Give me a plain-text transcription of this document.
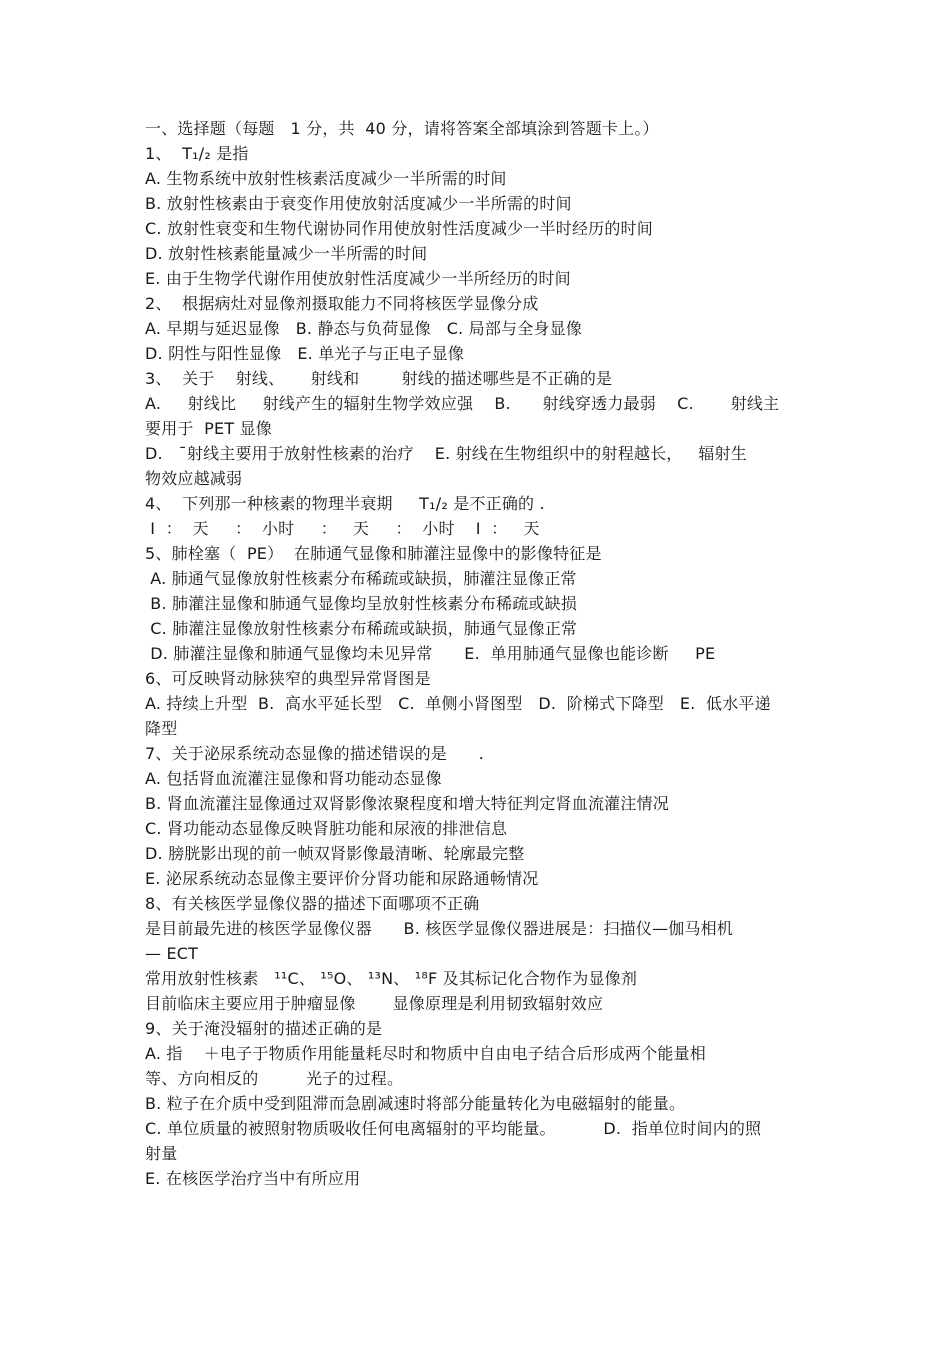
一、选择题（每题   1 分，共  40 分，请将答案全部填涂到答题卡上。）
1、  T₁/₂ 是指
A. 生物系统中放射性核素活度减少一半所需的时间
B. 放射性核素由于衰变作用使放射活度减少一半所需的时间
C. 放射性衰变和生物代谢协同作用使放射性活度减少一半时经历的时间
D. 放射性核素能量减少一半所需的时间
E. 由于生物学代谢作用使放射性活度减少一半所经历的时间
2、  根据病灶对显像剂摄取能力不同将核医学显像分成
A. 早期与延迟显像   B. 静态与负荷显像   C. 局部与全身显像
D. 阴性与阳性显像   E. 单光子与正电子显像
3、  关于    射线、     射线和        射线的描述哪些是不正确的是
A.     射线比     射线产生的辐射生物学效应强    B.      射线穿透力最弱    C.       射线主
要用于  PET 显像
D.   ¯射线主要用于放射性核素的治疗    E. 射线在生物组织中的射程越长，   辐射生
物效应越减弱
4、  下列那一种核素的物理半衰期     T₁/₂ 是不正确的 .
I  ：  天     ：  小时     ：   天     ：  小时    I  ：   天
5、肺栓塞（  PE）  在肺通气显像和肺灌注显像中的影像特征是
A. 肺通气显像放射性核素分布稀疏或缺损，肺灌注显像正常
B. 肺灌注显像和肺通气显像均呈放射性核素分布稀疏或缺损
C. 肺灌注显像放射性核素分布稀疏或缺损，肺通气显像正常
D. 肺灌注显像和肺通气显像均未见异常      E.  单用肺通气显像也能诊断     PE
6、可反映肾动脉狭窄的典型异常肾图是
A. 持续上升型  B.  高水平延长型   C.  单侧小肾图型   D.  阶梯式下降型   E.  低水平递
降型
7、关于泌尿系统动态显像的描述错误的是      .
A. 包括肾血流灌注显像和肾功能动态显像
B. 肾血流灌注显像通过双肾影像浓聚程度和增大特征判定肾血流灌注情况
C. 肾功能动态显像反映肾脏功能和尿液的排泄信息
D. 膀胱影出现的前一帧双肾影像最清晰、轮廓最完整
E. 泌尿系统动态显像主要评价分肾功能和尿路通畅情况
8、有关核医学显像仪器的描述下面哪项不正确
是目前最先进的核医学显像仪器      B. 核医学显像仪器进展是：扫描仪—伽马相机
— ECT
常用放射性核素   ¹¹C、 ¹⁵O、 ¹³N、 ¹⁸F 及其标记化合物作为显像剂
目前临床主要应用于肿瘤显像       显像原理是利用韧致辐射效应
9、关于淹没辐射的描述正确的是
A. 指    ＋电子于物质作用能量耗尽时和物质中自由电子结合后形成两个能量相
等、方向相反的         光子的过程。
B. 粒子在介质中受到阻滞而急剧减速时将部分能量转化为电磁辐射的能量。
C. 单位质量的被照射物质吸收任何电离辐射的平均能量。         D.  指单位时间内的照
射量
E. 在核医学治疗当中有所应用
